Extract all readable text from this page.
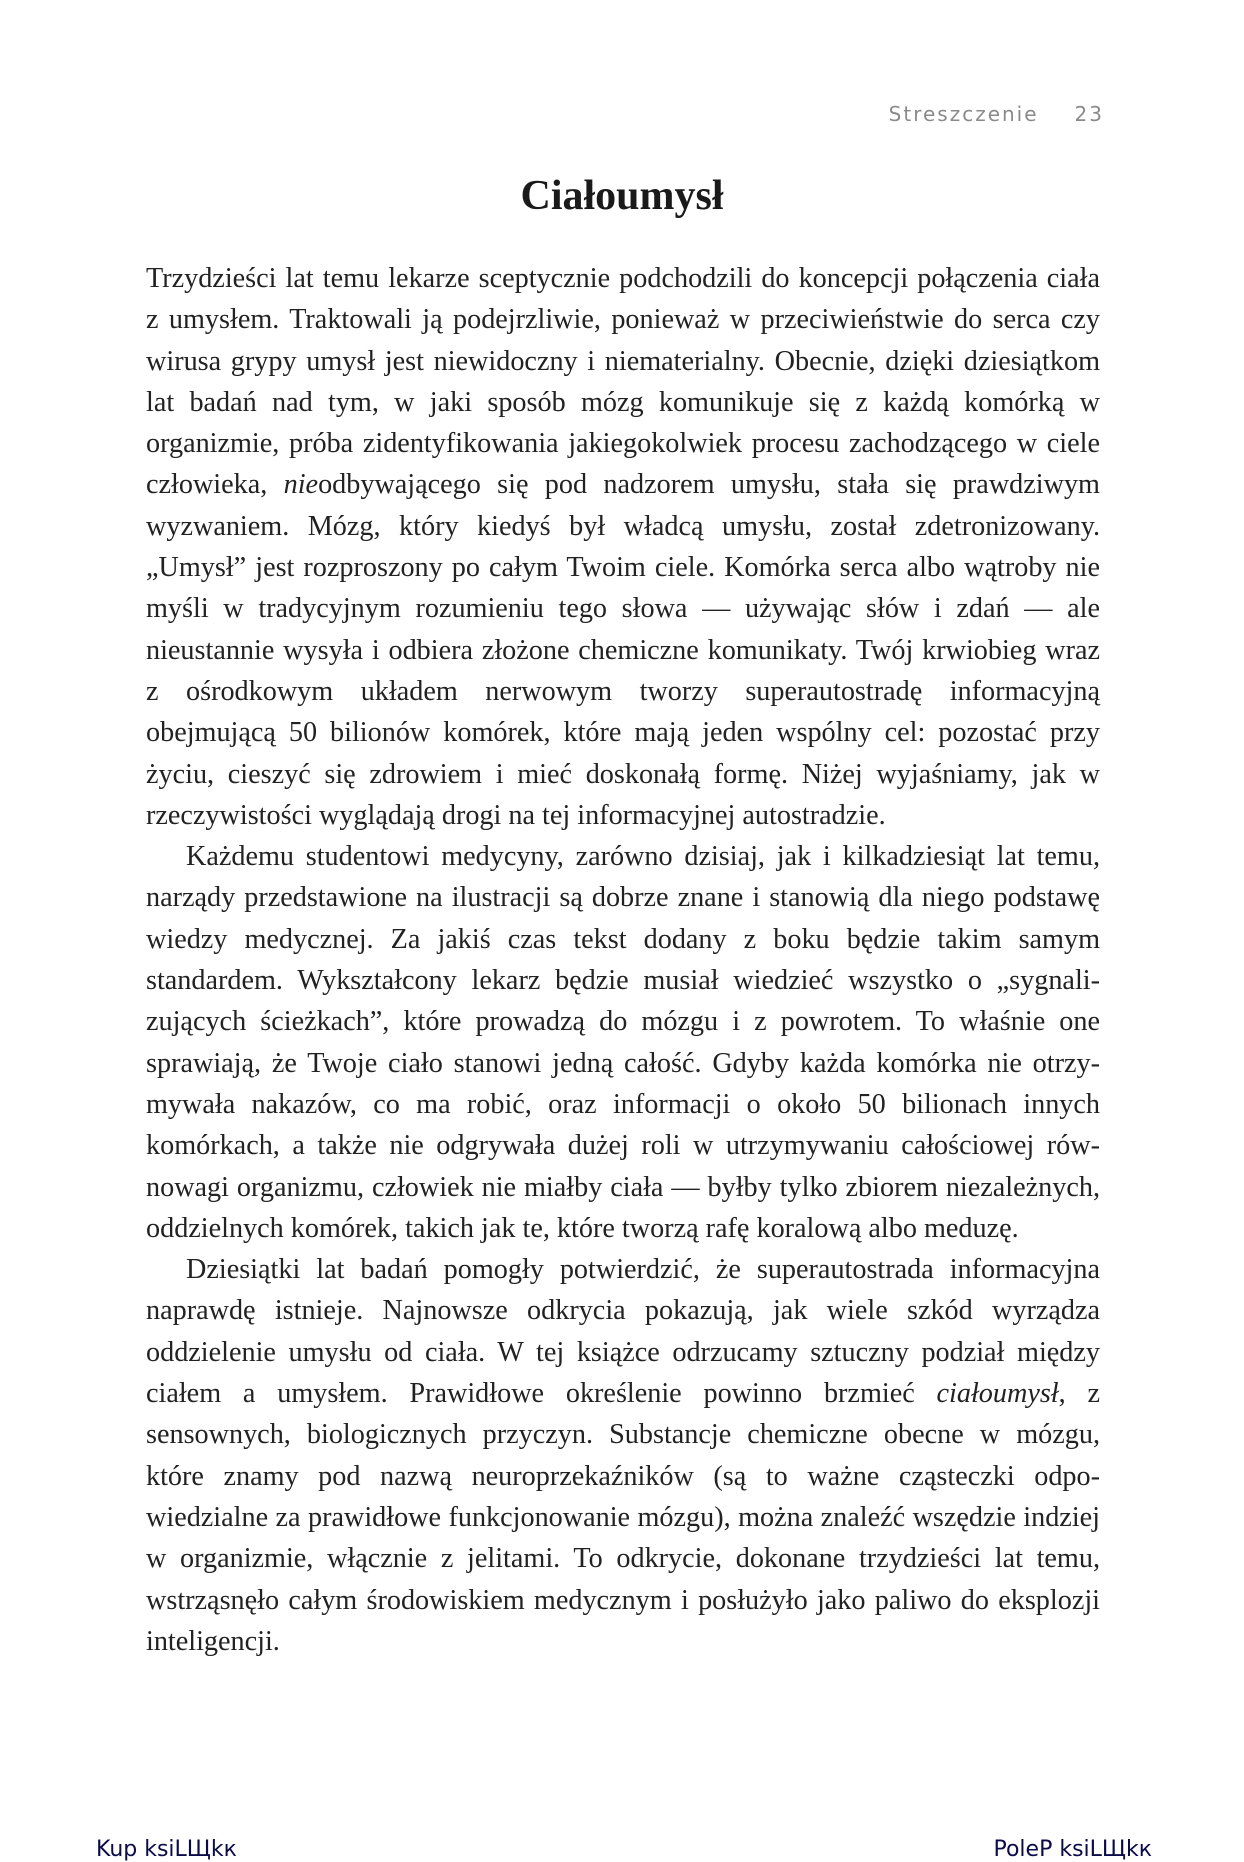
Streszczenie 23
Ciałoumysł

Trzydzieści lat temu lekarze sceptycznie podchodzili do koncepcji połączenia ciała z umysłem. Traktowali ją podejrzliwie, ponieważ w przeciwieństwie do serca czy wirusa grypy umysł jest niewidoczny i niematerialny. Obecnie, dzięki dziesiątkom lat badań nad tym, w jaki sposób mózg komunikuje się z każdą komórką w organizmie, próba zidentyfikowania jakiegokolwiek procesu zachodzącego w ciele człowieka, nieodbywającego się pod nadzorem umysłu, stała się prawdziwym wyzwaniem. Mózg, który kiedyś był władcą umysłu, został zdetronizowany. „Umysł” jest rozproszony po całym Twoim ciele. Komórka serca albo wątroby nie myśli w tradycyjnym rozumieniu tego słowa — używając słów i zdań — ale nieustannie wysyła i odbiera złożone chemiczne komunikaty. Twój krwiobieg wraz z ośrodkowym układem nerwowym tworzy superautostradę informacyjną obejmującą 50 bilionów komórek, które mają jeden wspólny cel: pozostać przy życiu, cieszyć się zdrowiem i mieć doskonałą formę. Niżej wyjaśniamy, jak w rzeczywistości wyglądają drogi na tej informacyjnej autostradzie.

Każdemu studentowi medycyny, zarówno dzisiaj, jak i kilkadziesiąt lat temu, narządy przedstawione na ilustracji są dobrze znane i stanowią dla niego podstawę wiedzy medycznej. Za jakiś czas tekst dodany z boku będzie takim samym standardem. Wykształcony lekarz będzie musiał wiedzieć wszystko o „sygnalizujących ścieżkach”, które prowadzą do mózgu i z powrotem. To właśnie one sprawiają, że Twoje ciało stanowi jedną całość. Gdyby każda komórka nie otrzymywała nakazów, co ma robić, oraz informacji o około 50 bilionach innych komórkach, a także nie odgrywała dużej roli w utrzymywaniu całościowej równowagi organizmu, człowiek nie miałby ciała — byłby tylko zbiorem niezależnych, oddzielnych komórek, takich jak te, które tworzą rafę koralową albo meduzę.

Dziesiątki lat badań pomogły potwierdzić, że superautostrada informacyjna naprawdę istnieje. Najnowsze odkrycia pokazują, jak wiele szkód wyrządza oddzielenie umysłu od ciała. W tej książce odrzucamy sztuczny podział między ciałem a umysłem. Prawidłowe określenie powinno brzmieć ciałoumysł, z sensownych, biologicznych przyczyn. Substancje chemiczne obecne w mózgu, które znamy pod nazwą neuroprzekaźników (są to ważne cząsteczki odpowiedzialne za prawidłowe funkcjonowanie mózgu), można znaleźć wszędzie indziej w organizmie, włącznie z jelitami. To odkrycie, dokonane trzydzieści lat temu, wstrząsnęło całym środowiskiem medycznym i posłużyło jako paliwo do eksplozji inteligencji.

Kup ksiLЩkк	PoleР ksiLЩkк
